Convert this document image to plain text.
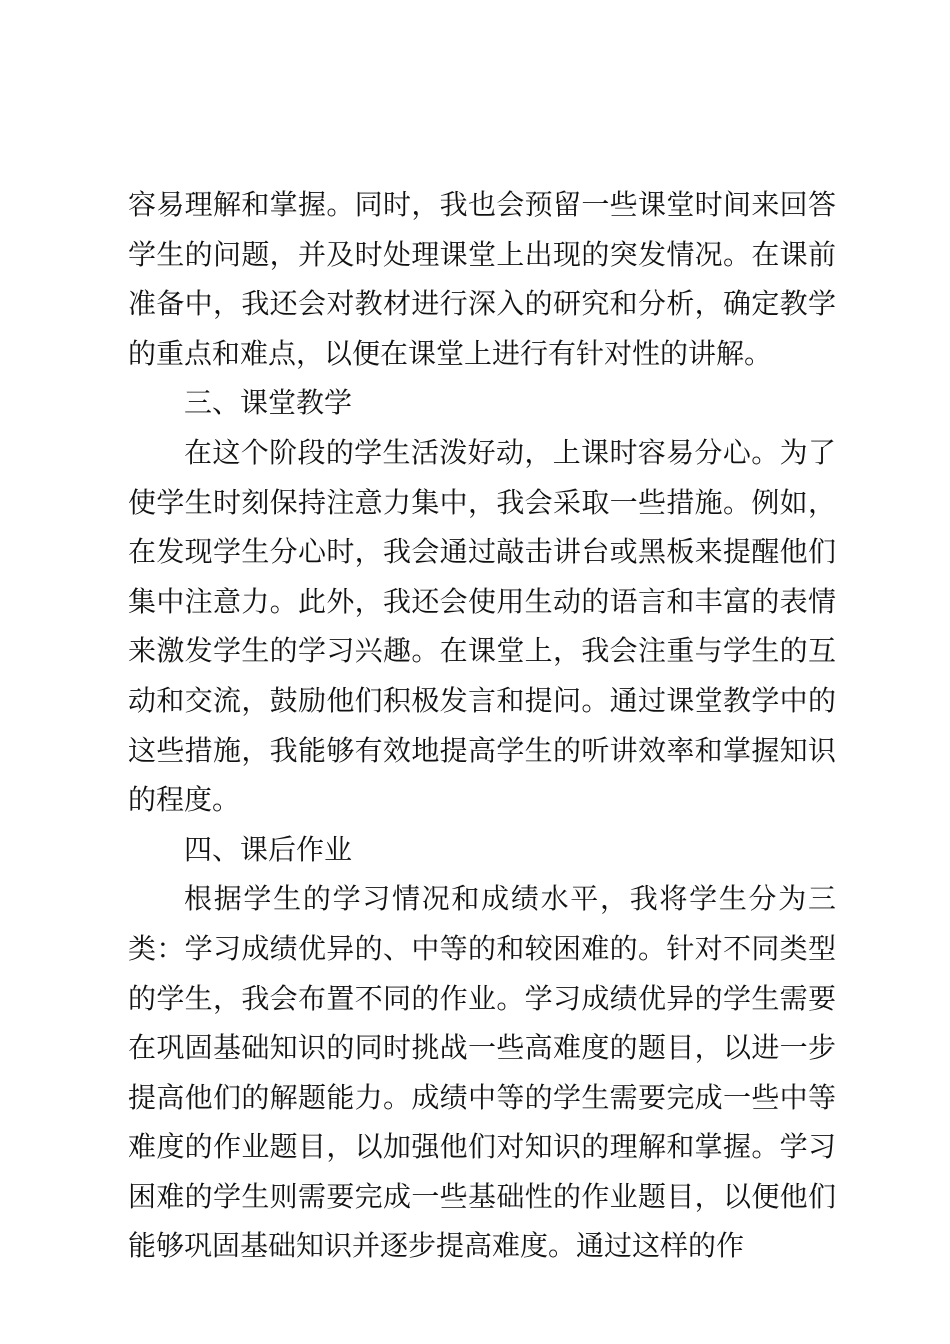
容易理解和掌握。同时，我也会预留一些课堂时间来回答学生的问题，并及时处理课堂上出现的突发情况。在课前准备中，我还会对教材进行深入的研究和分析，确定教学的重点和难点，以便在课堂上进行有针对性的讲解。

三、课堂教学

在这个阶段的学生活泼好动，上课时容易分心。为了使学生时刻保持注意力集中，我会采取一些措施。例如，在发现学生分心时，我会通过敲击讲台或黑板来提醒他们集中注意力。此外，我还会使用生动的语言和丰富的表情来激发学生的学习兴趣。在课堂上，我会注重与学生的互动和交流，鼓励他们积极发言和提问。通过课堂教学中的这些措施，我能够有效地提高学生的听讲效率和掌握知识的程度。

四、课后作业

根据学生的学习情况和成绩水平，我将学生分为三类：学习成绩优异的、中等的和较困难的。针对不同类型的学生，我会布置不同的作业。学习成绩优异的学生需要在巩固基础知识的同时挑战一些高难度的题目，以进一步提高他们的解题能力。成绩中等的学生需要完成一些中等难度的作业题目，以加强他们对知识的理解和掌握。学习困难的学生则需要完成一些基础性的作业题目，以便他们能够巩固基础知识并逐步提高难度。通过这样的作
